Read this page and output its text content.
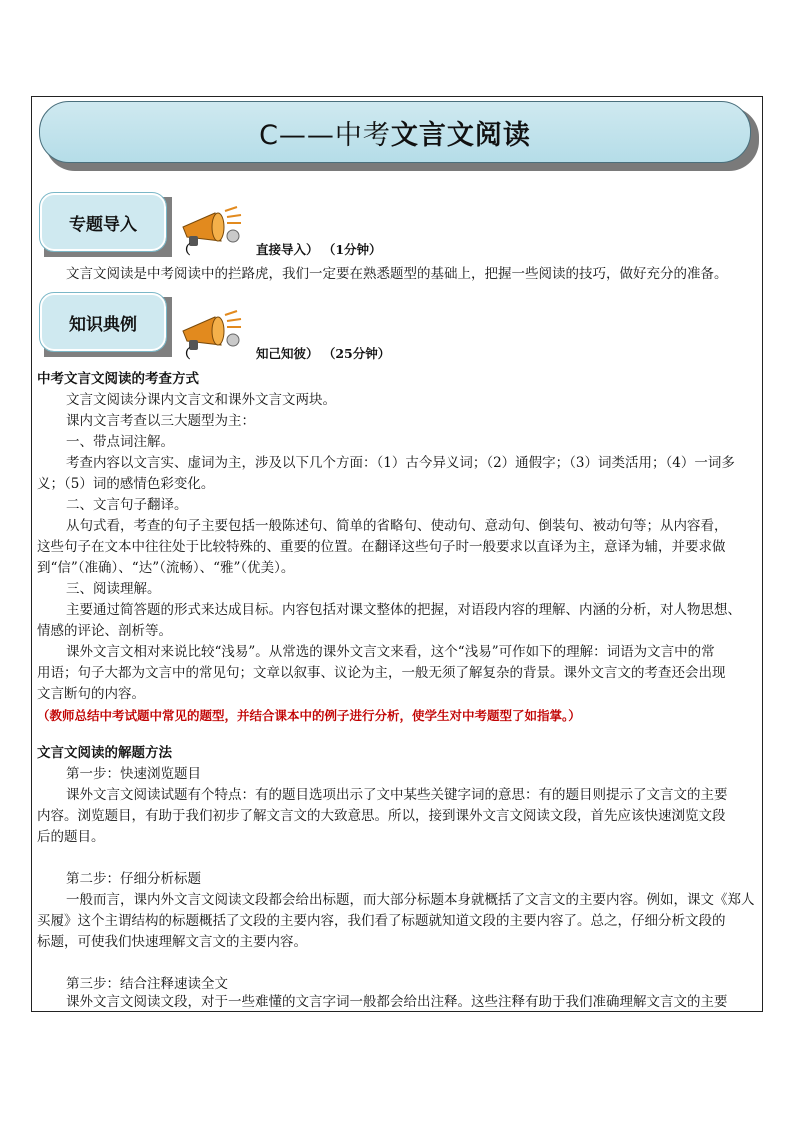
C——中考文言文阅读
专题导入
（	直接导入） （1分钟）
文言文阅读是中考阅读中的拦路虎，我们一定要在熟悉题型的基础上，把握一些阅读的技巧，做好充分的准备。
知识典例
（	知己知彼） （25分钟）
中考文言文阅读的考查方式
文言文阅读分课内文言文和课外文言文两块。
课内文言考查以三大题型为主：
一、带点词注解。
考查内容以文言实、虚词为主，涉及以下几个方面：（1）古今异义词；（2）通假字；（3）词类活用；（4）一词多
义；（5）词的感情色彩变化。
二、文言句子翻译。
从句式看，考查的句子主要包括一般陈述句、简单的省略句、使动句、意动句、倒装句、被动句等；从内容看，
这些句子在文本中往往处于比较特殊的、重要的位置。在翻译这些句子时一般要求以直译为主，意译为辅，并要求做
到“信”（准确）、“达”（流畅）、“雅”（优美）。
三、阅读理解。
主要通过简答题的形式来达成目标。内容包括对课文整体的把握，对语段内容的理解、内涵的分析，对人物思想、
情感的评论、剖析等。
课外文言文相对来说比较“浅易”。从常选的课外文言文来看，这个“浅易”可作如下的理解：词语为文言中的常
用语；句子大都为文言中的常见句；文章以叙事、议论为主，一般无须了解复杂的背景。课外文言文的考查还会出现
文言断句的内容。
（教师总结中考试题中常见的题型，并结合课本中的例子进行分析，使学生对中考题型了如指掌。）
文言文阅读的解题方法
第一步：快速浏览题目
课外文言文阅读试题有个特点：有的题目选项出示了文中某些关键字词的意思：有的题目则提示了文言文的主要
内容。浏览题目，有助于我们初步了解文言文的大致意思。所以，接到课外文言文阅读文段，首先应该快速浏览文段
后的题目。
第二步：仔细分析标题
一般而言，课内外文言文阅读文段都会给出标题，而大部分标题本身就概括了文言文的主要内容。例如，课文《郑人
买履》这个主谓结构的标题概括了文段的主要内容，我们看了标题就知道文段的主要内容了。总之，仔细分析文段的
标题，可使我们快速理解文言文的主要内容。
第三步：结合注释速读全文
课外文言文阅读文段，对于一些难懂的文言字词一般都会给出注释。这些注释有助于我们准确理解文言文的主要
